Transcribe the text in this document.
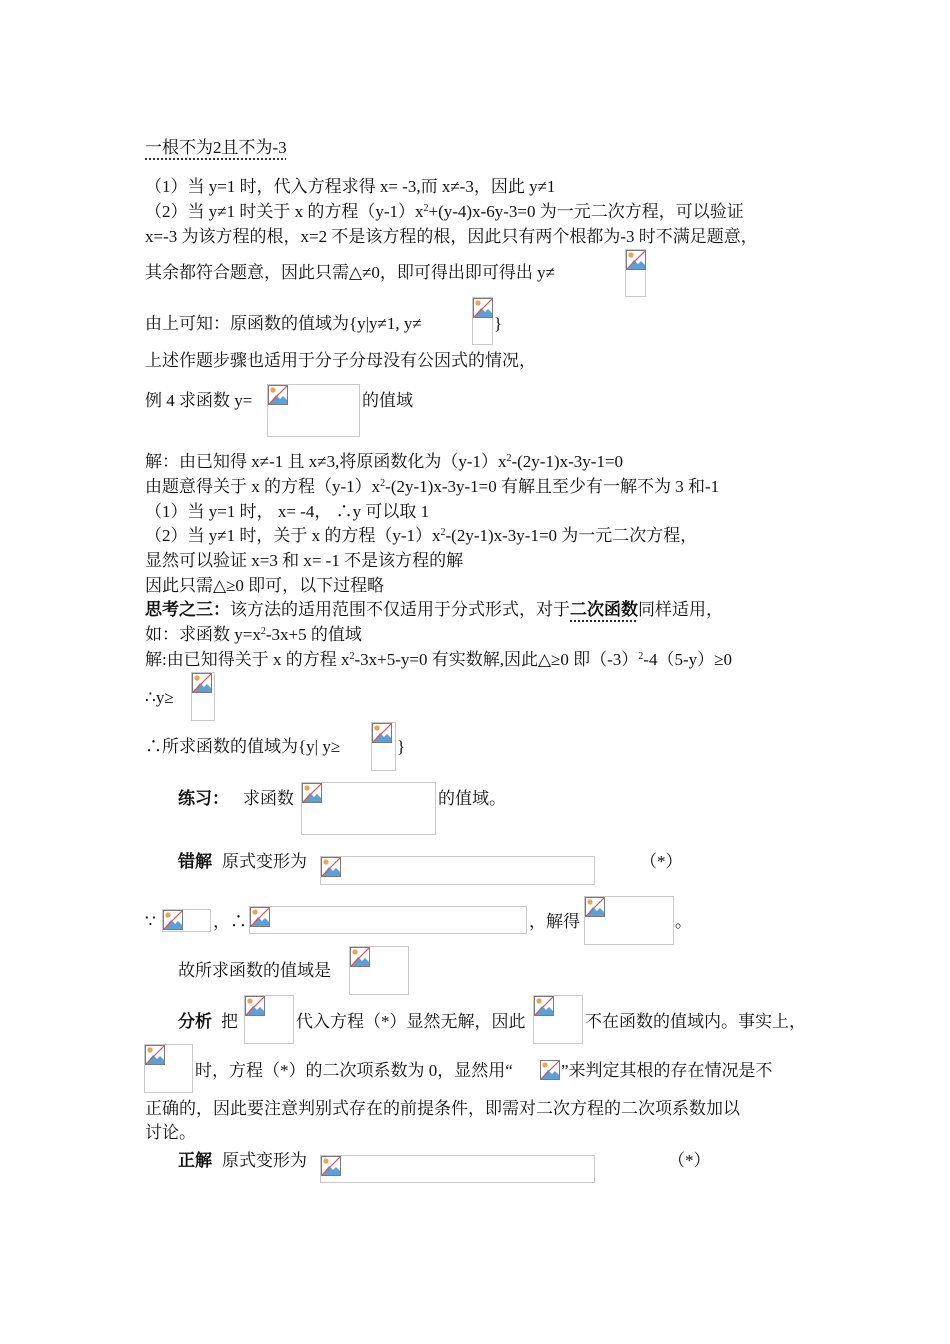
一根不为2且不为-3
（1）当 y=1 时，代入方程求得 x= -3,而 x≠-3，因此 y≠1
（2）当 y≠1 时关于 x 的方程$(y-1)x^2+(y-4)x-6y-3=0$ 为一元二次方程，可以验证
x=-3 为该方程的根，x=2 不是该方程的根，因此只有两个根都为-3 时不满足题意，
其余都符合题意，因此只需△≠0，即可得出即可得出 y≠
由上可知：原函数的值域为{y|y≠1, y≠	}
上述作题步骤也适用于分子分母没有公因式的情况，
例 4 求函数 y=	的值域
解：由已知得 x≠-1 且 x≠3,将原函数化为$(y-1)x^2-(2y-1)x-3y-1=0$
由题意得关于 x 的方程$(y-1)x^2-(2y-1)x-3y-1=0$ 有解且至少有一解不为 3 和-1
（1）当 y=1 时， x= -4， ∴y 可以取 1
（2）当 y≠1 时，关于 x 的方程$(y-1)x^2-(2y-1)x-3y-1=0$ 为一元二次方程，
显然可以验证 x=3 和 x= -1 不是该方程的解
因此只需△≥0 即可，以下过程略
思考之三：该方法的适用范围不仅适用于分式形式，对于二次函数同样适用，
如：求函数 $y=x^2-3x+5$ 的值域
解:由已知得关于 x 的方程 $x^2-3x+5-y=0$ 有实数解,因此△≥0 即$(-3)^2-4(5-y)\ge 0$
∴y≥
∴所求函数的值域为{y| y≥	}
练习： 求函数	的值域。
错解 原式变形为	（*）
∵	，∴	，解得	。
故所求函数的值域是
分析 把	代入方程（*）显然无解，因此	不在函数的值域内。事实上，
时，方程（*）的二次项系数为 0，显然用“	”来判定其根的存在情况是不
正确的，因此要注意判别式存在的前提条件，即需对二次方程的二次项系数加以
讨论。
正解 原式变形为	（*）
